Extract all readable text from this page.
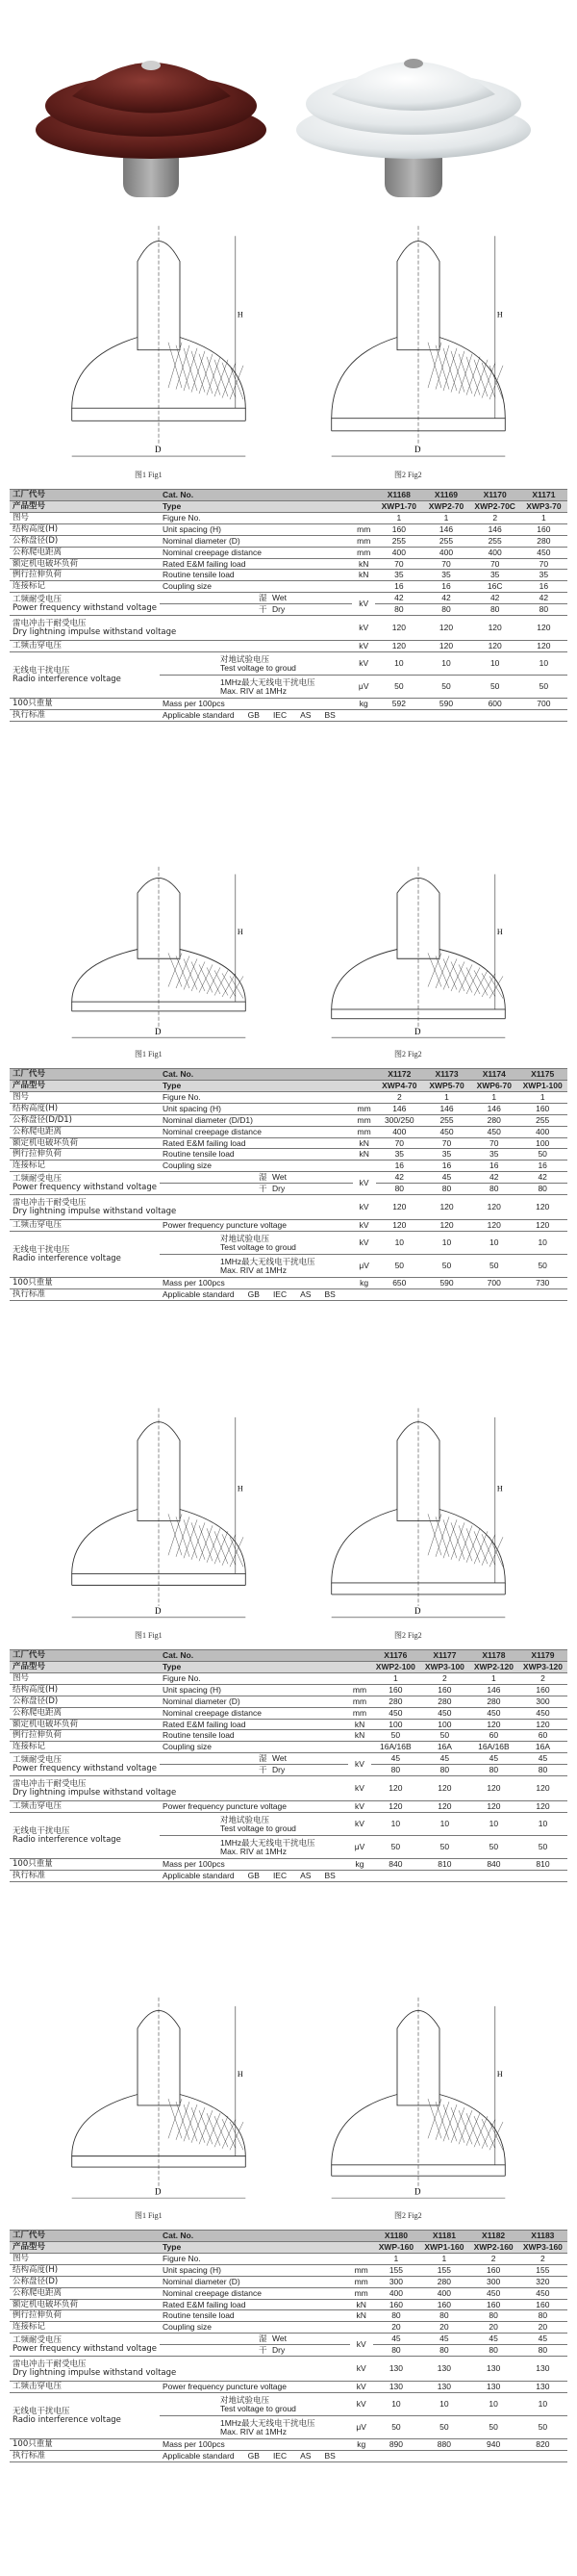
D
H
图1 Fig1
D
H
图2 Fig2
工厂代号	Cat. No.		X1168	X1169	X1170	X1171
产品型号	Type		XWP1-70	XWP2-70	XWP2-70C	XWP3-70
图号	Figure No.		1	1	2	1
结构高度(H)	Unit spacing (H)	mm	160	146	146	160
公称盘径(D)	Nominal diameter (D)	mm	255	255	255	280
公称爬电距离	Nominal creepage distance	mm	400	400	400	450
额定机电破坏负荷	Rated E&M failing load	kN	70	70	70	70
例行拉伸负荷	Routine tensile load	kN	35	35	35	35
连接标记	Coupling size		16	16	16C	16
工频耐受电压
Power frequency withstand voltage	湿 Wet	kV	42	42	42	42
	干 Dry		80	80	80	80
雷电冲击干耐受电压
Dry lightning impulse withstand voltage		kV	120	120	120	120
工频击穿电压		kV	120	120	120	120
无线电干扰电压
Radio interference voltage	对地试验电压
Test voltage to groud	kV	10	10	10	10
	1MHz最大无线电干扰电压
Max. RIV at 1MHz	μV	50	50	50	50
100只重量	Mass per 100pcs	kg	592	590	600	700
执行标准	Applicable standard GB IEC AS BS					
D
H
图1 Fig1
D
H
图2 Fig2
工厂代号	Cat. No.		X1172	X1173	X1174	X1175
产品型号	Type		XWP4-70	XWP5-70	XWP6-70	XWP1-100
图号	Figure No.		2	1	1	1
结构高度(H)	Unit spacing (H)	mm	146	146	146	160
公称盘径(D/D1)	Nominal diameter (D/D1)	mm	300/250	255	280	255
公称爬电距离	Nominal creepage distance	mm	400	450	450	400
额定机电破坏负荷	Rated E&M failing load	kN	70	70	70	100
例行拉伸负荷	Routine tensile load	kN	35	35	35	50
连接标记	Coupling size		16	16	16	16
工频耐受电压
Power frequency withstand voltage	湿 Wet	kV	42	45	42	42
	干 Dry		80	80	80	80
雷电冲击干耐受电压
Dry lightning impulse withstand voltage		kV	120	120	120	120
工频击穿电压	Power frequency puncture voltage	kV	120	120	120	120
无线电干扰电压
Radio interference voltage	对地试验电压
Test voltage to groud	kV	10	10	10	10
	1MHz最大无线电干扰电压
Max. RIV at 1MHz	μV	50	50	50	50
100只重量	Mass per 100pcs	kg	650	590	700	730
执行标准	Applicable standard GB IEC AS BS					
D
H
图1 Fig1
D
H
图2 Fig2
工厂代号	Cat. No.		X1176	X1177	X1178	X1179
产品型号	Type		XWP2-100	XWP3-100	XWP2-120	XWP3-120
图号	Figure No.		1	2	1	2
结构高度(H)	Unit spacing (H)	mm	160	160	146	160
公称盘径(D)	Nominal diameter (D)	mm	280	280	280	300
公称爬电距离	Nominal creepage distance	mm	450	450	450	450
额定机电破坏负荷	Rated E&M failing load	kN	100	100	120	120
例行拉伸负荷	Routine tensile load	kN	50	50	60	60
连接标记	Coupling size		16A/16B	16A	16A/16B	16A
工频耐受电压
Power frequency withstand voltage	湿 Wet	kV	45	45	45	45
	干 Dry		80	80	80	80
雷电冲击干耐受电压
Dry lightning impulse withstand voltage		kV	120	120	120	120
工频击穿电压	Power frequency puncture voltage	kV	120	120	120	120
无线电干扰电压
Radio interference voltage	对地试验电压
Test voltage to groud	kV	10	10	10	10
	1MHz最大无线电干扰电压
Max. RIV at 1MHz	μV	50	50	50	50
100只重量	Mass per 100pcs	kg	840	810	840	810
执行标准	Applicable standard GB IEC AS BS					
D
H
图1 Fig1
D
H
图2 Fig2
工厂代号	Cat. No.		X1180	X1181	X1182	X1183
产品型号	Type		XWP-160	XWP1-160	XWP2-160	XWP3-160
图号	Figure No.		1	1	2	2
结构高度(H)	Unit spacing (H)	mm	155	155	160	155
公称盘径(D)	Nominal diameter (D)	mm	300	280	300	320
公称爬电距离	Nominal creepage distance	mm	400	400	450	450
额定机电破坏负荷	Rated E&M failing load	kN	160	160	160	160
例行拉伸负荷	Routine tensile load	kN	80	80	80	80
连接标记	Coupling size		20	20	20	20
工频耐受电压
Power frequency withstand voltage	湿 Wet	kV	45	45	45	45
	干 Dry		80	80	80	80
雷电冲击干耐受电压
Dry lightning impulse withstand voltage		kV	130	130	130	130
工频击穿电压	Power frequency puncture voltage	kV	130	130	130	130
无线电干扰电压
Radio interference voltage	对地试验电压
Test voltage to groud	kV	10	10	10	10
	1MHz最大无线电干扰电压
Max. RIV at 1MHz	μV	50	50	50	50
100只重量	Mass per 100pcs	kg	890	880	940	820
执行标准	Applicable standard GB IEC AS BS					
